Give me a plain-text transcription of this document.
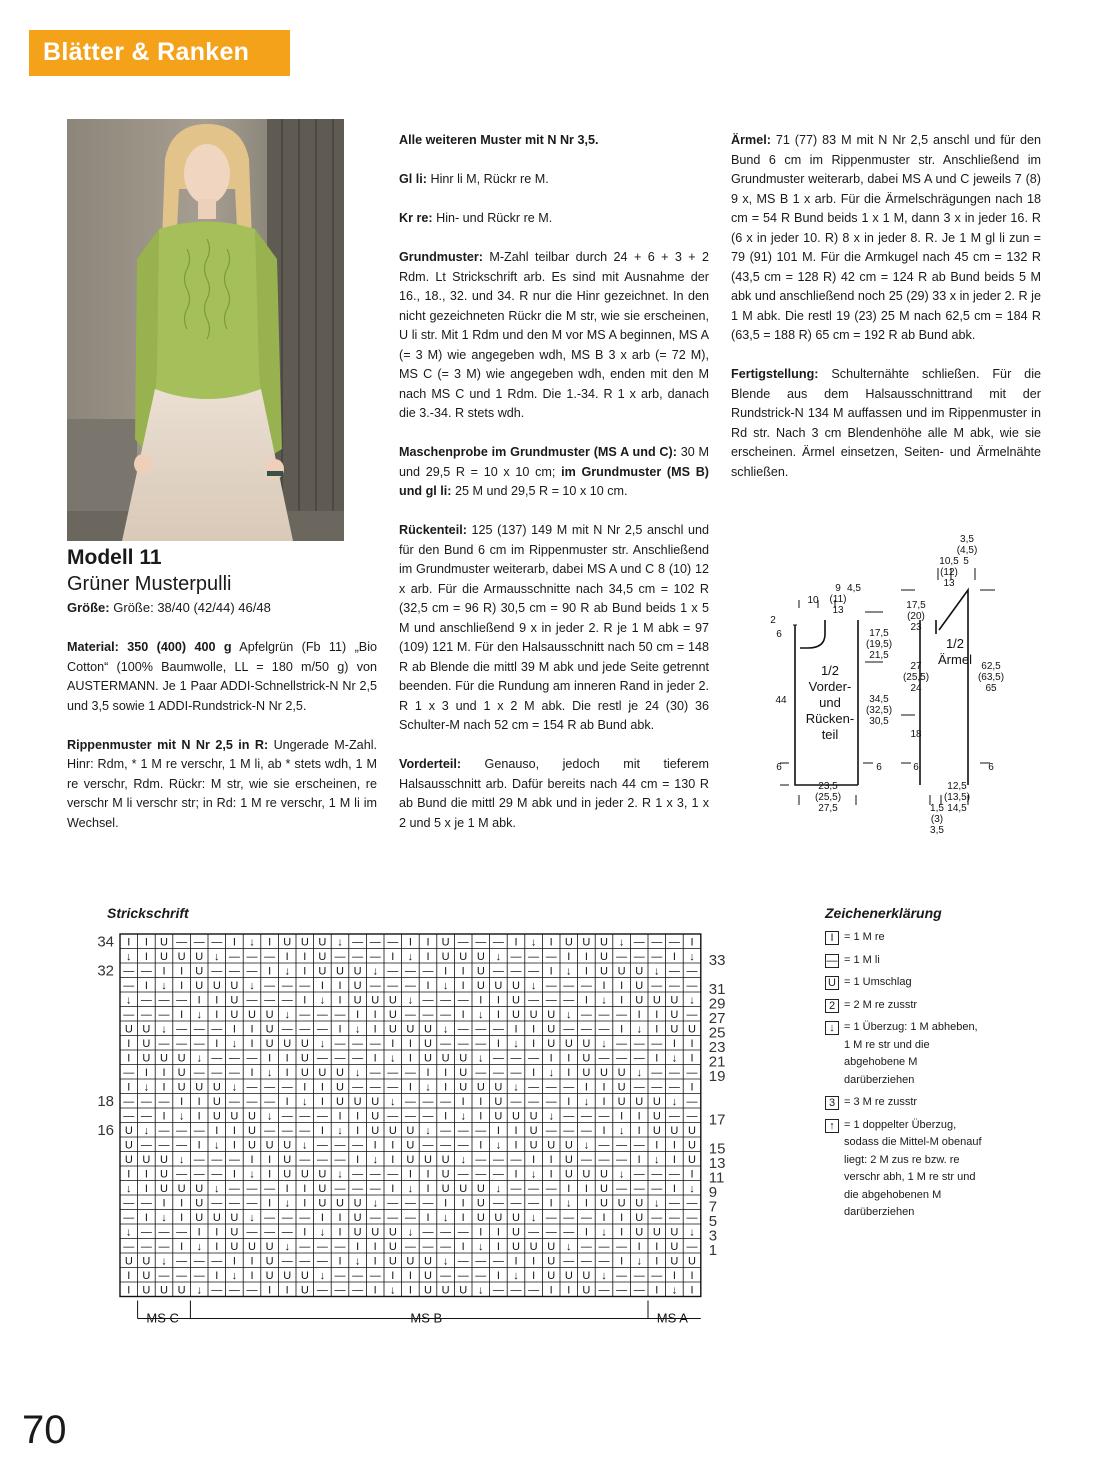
Blätter & Ranken
Modell 11
Grüner Musterpulli
Größe: Größe: 38/40 (42/44) 46/48

Material: 350 (400) 400 g Apfelgrün (Fb 11) „Bio Cotton“ (100% Baumwolle, LL = 180 m/50 g) von AUSTERMANN. Je 1 Paar ADDI-Schnellstrick-N Nr 2,5 und 3,5 sowie 1 ADDI-Rundstrick-N Nr 2,5.

Rippenmuster mit N Nr 2,5 in R: Ungerade M-Zahl. Hinr: Rdm, * 1 M re verschr, 1 M li, ab * stets wdh, 1 M re verschr, Rdm. Rückr: M str, wie sie erscheinen, re verschr M li verschr str; in Rd: 1 M re verschr, 1 M li im Wechsel.

Alle weiteren Muster mit N Nr 3,5.

Gl li: Hinr li M, Rückr re M.

Kr re: Hin- und Rückr re M.

Grundmuster: M-Zahl teilbar durch 24 + 6 + 3 + 2 Rdm. Lt Strickschrift arb. Es sind mit Ausnahme der 16., 18., 32. und 34. R nur die Hinr gezeichnet. In den nicht gezeichneten Rückr die M str, wie sie erscheinen, U li str. Mit 1 Rdm und den M vor MS A beginnen, MS A (= 3 M) wie angegeben wdh, MS B 3 x arb (= 72 M), MS C (= 3 M) wie angegeben wdh, enden mit den M nach MS C und 1 Rdm. Die 1.-34. R 1 x arb, danach die 3.-34. R stets wdh.

Maschenprobe im Grundmuster (MS A und C): 30 M und 29,5 R = 10 x 10 cm; im Grundmuster (MS B) und gl li: 25 M und 29,5 R = 10 x 10 cm.

Rückenteil: 125 (137) 149 M mit N Nr 2,5 anschl und für den Bund 6 cm im Rippenmuster str. Anschließend im Grundmuster weiterarb, dabei MS A und C 8 (10) 12 x arb. Für die Armausschnitte nach 34,5 cm = 102 R (32,5 cm = 96 R) 30,5 cm = 90 R ab Bund beids 1 x 5 M und anschließend 9 x in jeder 2. R je 1 M abk = 97 (109) 121 M. Für den Halsausschnitt nach 50 cm = 148 R ab Blende die mittl 39 M abk und jede Seite getrennt beenden. Für die Rundung am inneren Rand in jeder 2. R 1 x 3 und 1 x 2 M abk. Die restl je 24 (30) 36 Schulter-M nach 52 cm = 154 R ab Bund abk.

Vorderteil: Genauso, jedoch mit tieferem Halsausschnitt arb. Dafür bereits nach 44 cm = 130 R ab Bund die mittl 29 M abk und in jeder 2. R 1 x 3, 1 x 2 und 5 x je 1 M abk.

Ärmel: 71 (77) 83 M mit N Nr 2,5 anschl und für den Bund 6 cm im Rippenmuster str. Anschließend im Grundmuster weiterarb, dabei MS A und C jeweils 7 (8) 9 x, MS B 1 x arb. Für die Ärmelschrägungen nach 18 cm = 54 R Bund beids 1 x 1 M, dann 3 x in jeder 16. R (6 x in jeder 10. R) 8 x in jeder 8. R. Je 1 M gl li zun = 79 (91) 101 M. Für die Armkugel nach 45 cm = 132 R (43,5 cm = 128 R) 42 cm = 124 R ab Bund beids 5 M abk und anschließend noch 25 (29) 33 x in jeder 2. R je 1 M abk. Die restl 19 (23) 25 M nach 62,5 cm = 184 R (63,5 = 188 R) 65 cm = 192 R ab Bund abk.

Fertigstellung: Schulternähte schließen. Für die Blende aus dem Halsausschnittrand mit der Rundstrick-N 134 M auffassen und im Rippenmuster in Rd str. Nach 3 cm Blendenhöhe alle M abk, wie sie erscheinen. Ärmel einsetzen, Seiten- und Ärmelnähte schließen.

1/2
Vorder-
und
Rücken-
teil
1/2
Ärmel
2
6
44
6
10
9
(11)
13
4,5
17,5
(19,5)
21,5
34,5
(32,5)
30,5
6
23,5
(25,5)
27,5
17,5
(20)
23
27
(25,5)
24
18
6
3,5
(4,5)
10,5 5
(12)
13
62,5
(63,5)
65
6
12,5
(13,5)
1,5 14,5
(3)
3,5
Strickschrift
I I U — — — I ↓ I U U U ↓ — — — I I U — — — I ↓ I U U U ↓ — — — I
↓ I U U U ↓ — — — I I U — — — I ↓ I U U U ↓ — — — I I U — — — I ↓
— — I I U — — — I ↓ I U U U ↓ — — — I I U — — — I ↓ I U U U ↓ — —
— I ↓ I U U U ↓ — — — I I U — — — I ↓ I U U U ↓ — — — I I U — — —
↓ — — — I I U — — — I ↓ I U U U ↓ — — — I I U — — — I ↓ I U U U ↓
— — — I ↓ I U U U ↓ — — — I I U — — — I ↓ I U U U ↓ — — — I I U —
U U ↓ — — — I I U — — — I ↓ I U U U ↓ — — — I I U — — — I ↓ I U U
I U — — — I ↓ I U U U ↓ — — — I I U — — — I ↓ I U U U ↓ — — — I I
I U U U ↓ — — — I I U — — — I ↓ I U U U ↓ — — — I I U — — — I ↓ I
— I I U — — — I ↓ I U U U ↓ — — — I I U — — — I ↓ I U U U ↓ — — —
I ↓ I U U U ↓ — — — I I U — — — I ↓ I U U U ↓ — — — I I U — — — I
— — — I I U — — — I ↓ I U U U ↓ — — — I I U — — — I ↓ I U U U ↓ —
— — I ↓ I U U U ↓ — — — I I U — — — I ↓ I U U U ↓ — — — I I U — —
U ↓ — — — I I U — — — I ↓ I U U U ↓ — — — I I U — — — I ↓ I U U U
U — — — I ↓ I U U U ↓ — — — I I U — — — I ↓ I U U U ↓ — — — I I U
U U U ↓ — — — I I U — — — I ↓ I U U U ↓ — — — I I U — — — I ↓ I U
I I U — — — I ↓ I U U U ↓ — — — I I U — — — I ↓ I U U U ↓ — — — I
↓ I U U U ↓ — — — I I U — — — I ↓ I U U U ↓ — — — I I U — — — I ↓
— — I I U — — — I ↓ I U U U ↓ — — — I I U — — — I ↓ I U U U ↓ — —
— I ↓ I U U U ↓ — — — I I U — — — I ↓ I U U U ↓ — — — I I U — — —
↓ — — — I I U — — — I ↓ I U U U ↓ — — — I I U — — — I ↓ I U U U ↓
— — — I ↓ I U U U ↓ — — — I I U — — — I ↓ I U U U ↓ — — — I I U —
U U ↓ — — — I I U — — — I ↓ I U U U ↓ — — — I I U — — — I ↓ I U U
I U — — — I ↓ I U U U ↓ — — — I I U — — — I ↓ I U U U ↓ — — — I I
I U U U ↓ — — — I I U — — — I ↓ I U U U ↓ — — — I I U — — — I ↓ I
34
32
18
16
33
31
29
27
25
23
21
19
17
15
13
11
9
7
5
3
1
MS C	MS B	MS A
Zeichenerklärung
I = 1 M re
— = 1 M li
U = 1 Umschlag
2 = 2 M re zusstr
↓ = 1 Überzug: 1 M abheben, 1 M re str und die abgehobene M darüberziehen
3 = 3 M re zusstr
↑ = 1 doppelter Überzug, sodass die Mittel-M obenauf liegt: 2 M zus re bzw. re verschr abh, 1 M re str und die abgehobenen M darüberziehen
70
